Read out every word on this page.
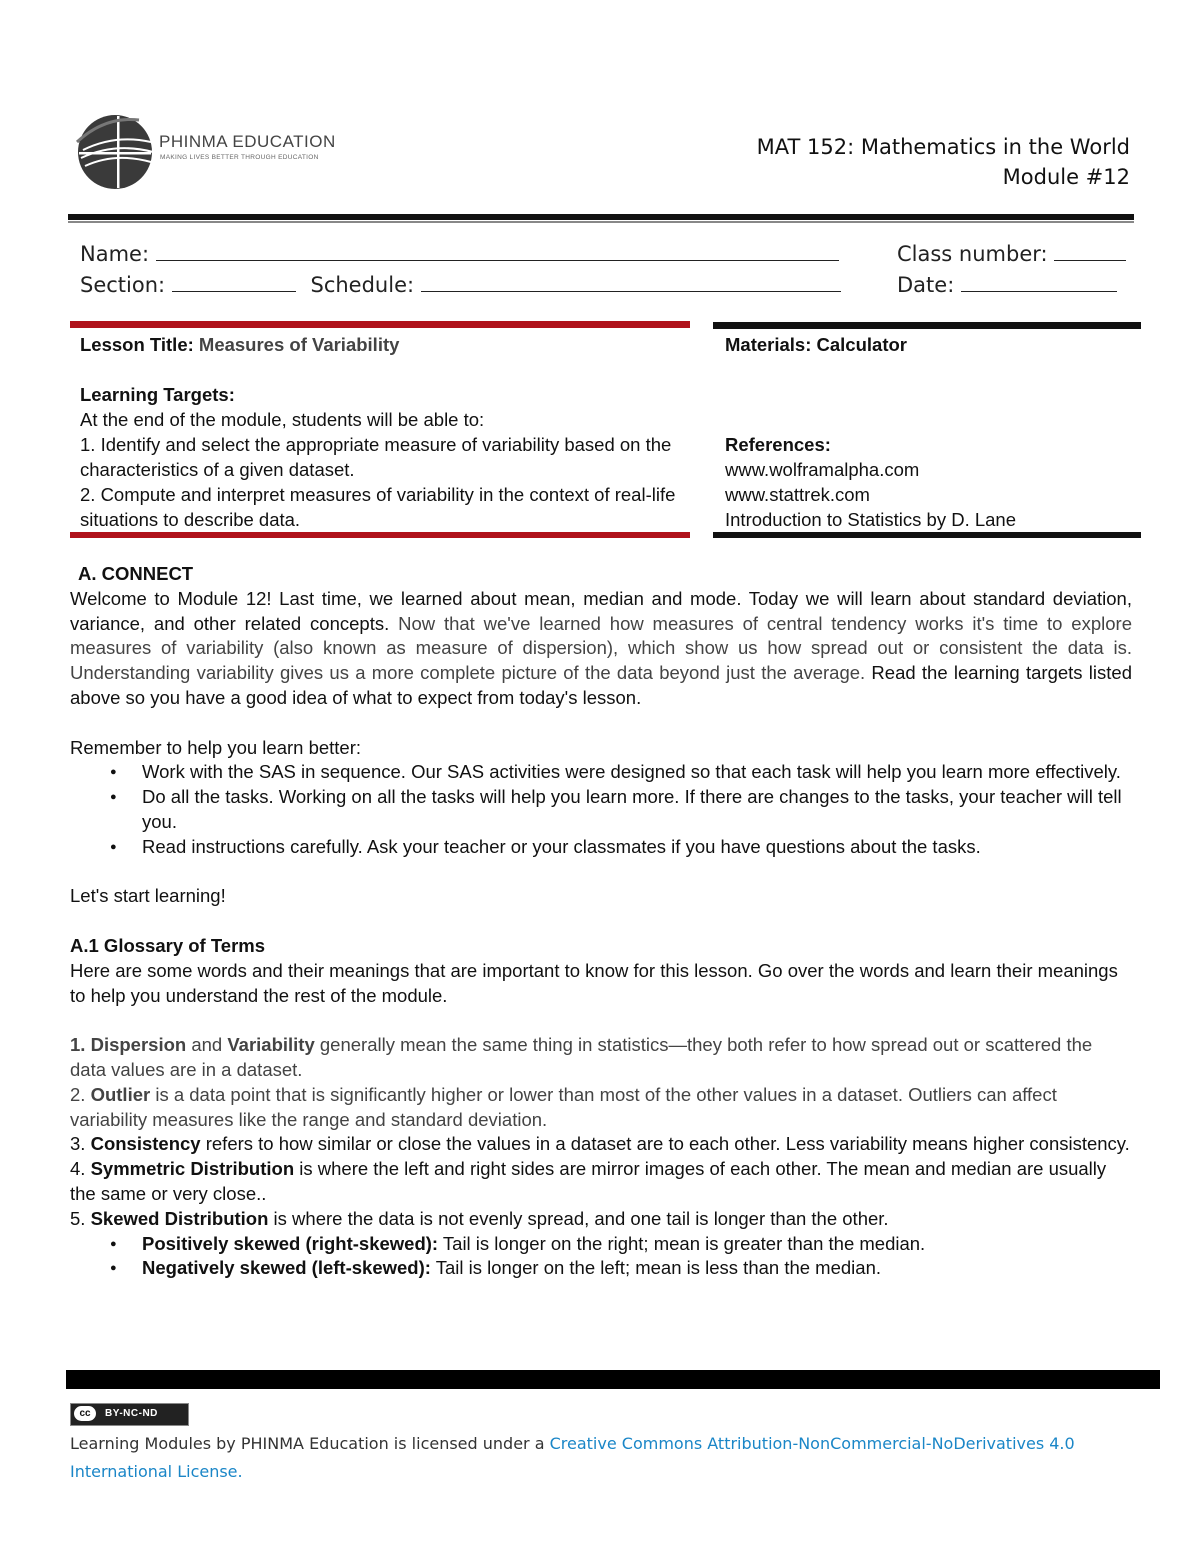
PHINMA EDUCATION
MAKING LIVES BETTER THROUGH EDUCATION	MAT 152: Mathematics in the World
Module #12
Name:	Class number:
Section:	Schedule:	Date:
Lesson Title: Measures of Variability
Learning Targets:
At the end of the module, students will be able to:
1. Identify and select the appropriate measure of variability based on the characteristics of a given dataset.
2. Compute and interpret measures of variability in the context of real-life situations to describe data.
Materials: Calculator
References:
www.wolframalpha.com
www.stattrek.com
Introduction to Statistics by D. Lane

A. CONNECT

Welcome to Module 12! Last time, we learned about mean, median and mode. Today we will learn about standard deviation, variance, and other related concepts. Now that we've learned how measures of central tendency works it's time to explore measures of variability (also known as measure of dispersion), which show us how spread out or consistent the data is. Understanding variability gives us a more complete picture of the data beyond just the average. Read the learning targets listed above so you have a good idea of what to expect from today's lesson.

Remember to help you learn better:

● Work with the SAS in sequence. Our SAS activities were designed so that each task will help you learn more effectively.
● Do all the tasks. Working on all the tasks will help you learn more. If there are changes to the tasks, your teacher will tell you.
● Read instructions carefully. Ask your teacher or your classmates if you have questions about the tasks.

Let's start learning!

A.1 Glossary of Terms

Here are some words and their meanings that are important to know for this lesson. Go over the words and learn their meanings to help you understand the rest of the module.

1. Dispersion and Variability generally mean the same thing in statistics—they both refer to how spread out or scattered the data values are in a dataset.

2. Outlier is a data point that is significantly higher or lower than most of the other values in a dataset. Outliers can affect variability measures like the range and standard deviation.

3. Consistency refers to how similar or close the values in a dataset are to each other. Less variability means higher consistency.

4. Symmetric Distribution is where the left and right sides are mirror images of each other. The mean and median are usually the same or very close..

5. Skewed Distribution is where the data is not evenly spread, and one tail is longer than the other.

● Positively skewed (right-skewed): Tail is longer on the right; mean is greater than the median.
● Negatively skewed (left-skewed): Tail is longer on the left; mean is less than the median.
cc	BY-NC-ND
Learning Modules by PHINMA Education is licensed under a Creative Commons Attribution-NonCommercial-NoDerivatives 4.0 International License.
